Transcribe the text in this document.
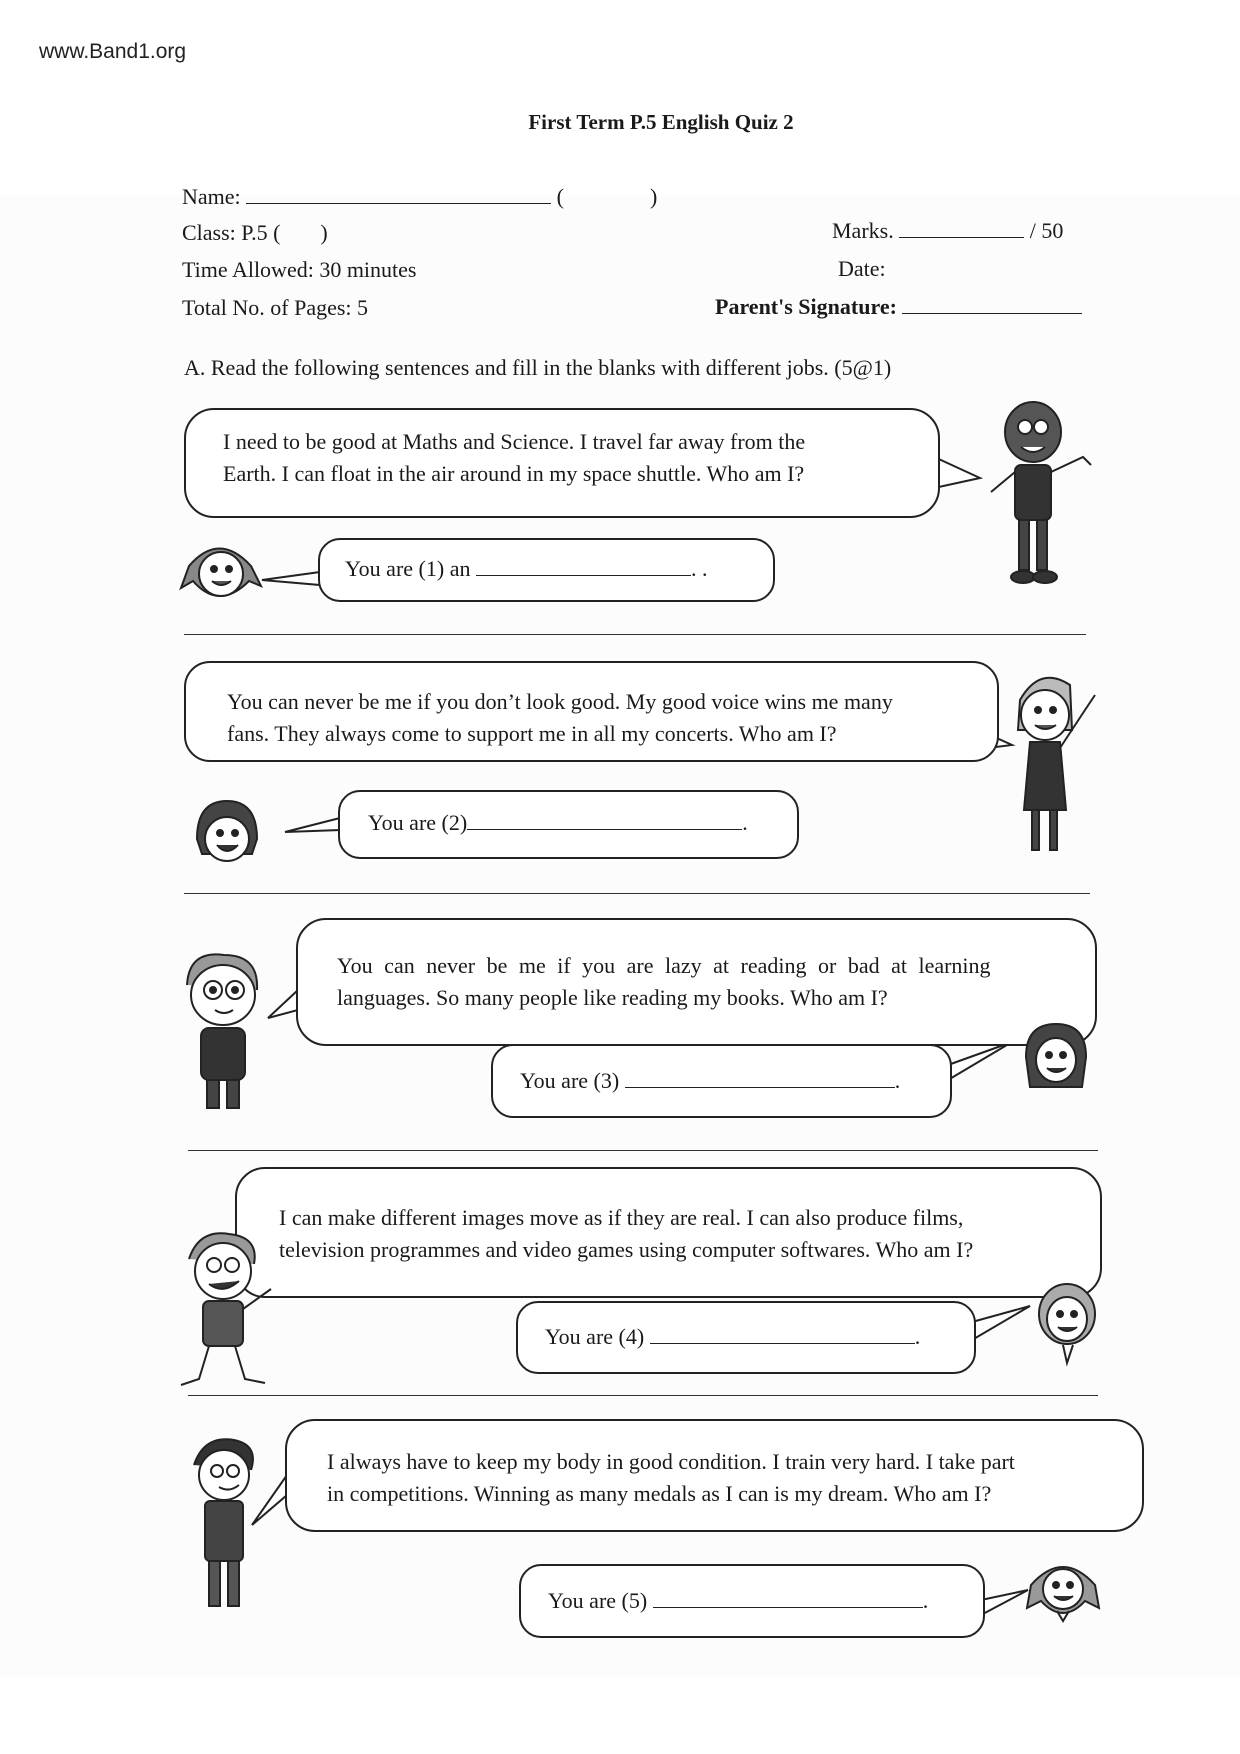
www.Band1.org
First Term P.5 English Quiz 2
Name:	(	)
Class: P.5 ( )
Time Allowed: 30 minutes
Total No. of Pages: 5
Marks.	/ 50
Date:
Parent's Signature:
A. Read the following sentences and fill in the blanks with different jobs. (5@1)
I need to be good at Maths and Science. I travel far away from the
Earth. I can float in the air around in my space shuttle. Who am I?
You are (1) an	. .
You can never be me if you don’t look good. My good voice wins me many
fans. They always come to support me in all my concerts. Who am I?
You are (2)	.
You can never be me if you are lazy at reading or bad at learning
languages. So many people like reading my books. Who am I?
You are (3)	.
I can make different images move as if they are real. I can also produce films,
television programmes and video games using computer softwares. Who am I?
You are (4)	.
I always have to keep my body in good condition. I train very hard. I take part
in competitions. Winning as many medals as I can is my dream. Who am I?
You are (5)	.
